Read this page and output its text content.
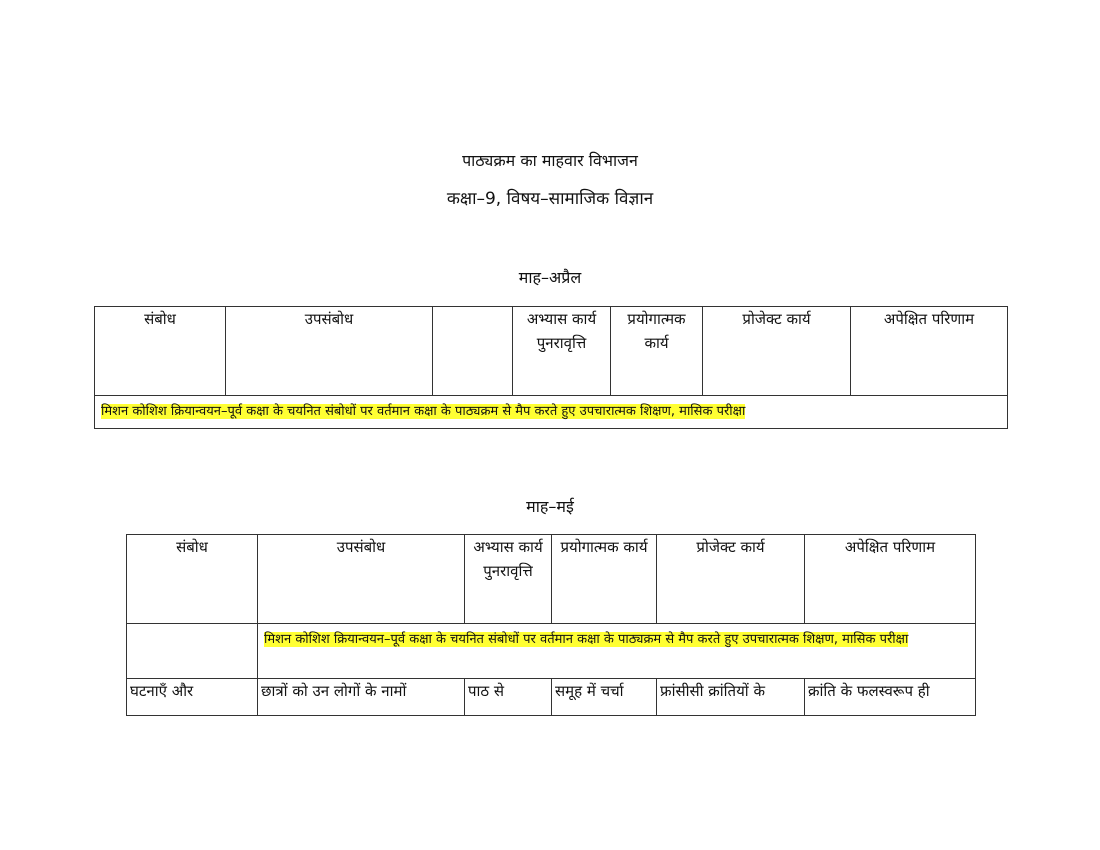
पाठ्यक्रम का माहवार विभाजन
कक्षा–9, विषय–सामाजिक विज्ञान
माह–अप्रैल
संबोध	उपसंबोध		अभ्यास कार्य पुनरावृत्ति	प्रयोगात्मक कार्य	प्रोजेक्ट कार्य	अपेक्षित परिणाम
मिशन कोशिश क्रियान्वयन–पूर्व कक्षा के चयनित संबोधों पर वर्तमान कक्षा के पाठ्यक्रम से मैप करते हुए उपचारात्मक शिक्षण, मासिक परीक्षा
माह–मई
संबोध	उपसंबोध	अभ्यास कार्य पुनरावृत्ति	प्रयोगात्मक कार्य	प्रोजेक्ट कार्य	अपेक्षित परिणाम
	मिशन कोशिश क्रियान्वयन–पूर्व कक्षा के चयनित संबोधों पर वर्तमान कक्षा के पाठ्यक्रम से मैप करते हुए उपचारात्मक शिक्षण, मासिक परीक्षा				
घटनाएँ और	छात्रों को उन लोगों के नामों	पाठ से	समूह में चर्चा	फ्रांसीसी क्रांतियों के	क्रांति के फलस्वरूप ही
